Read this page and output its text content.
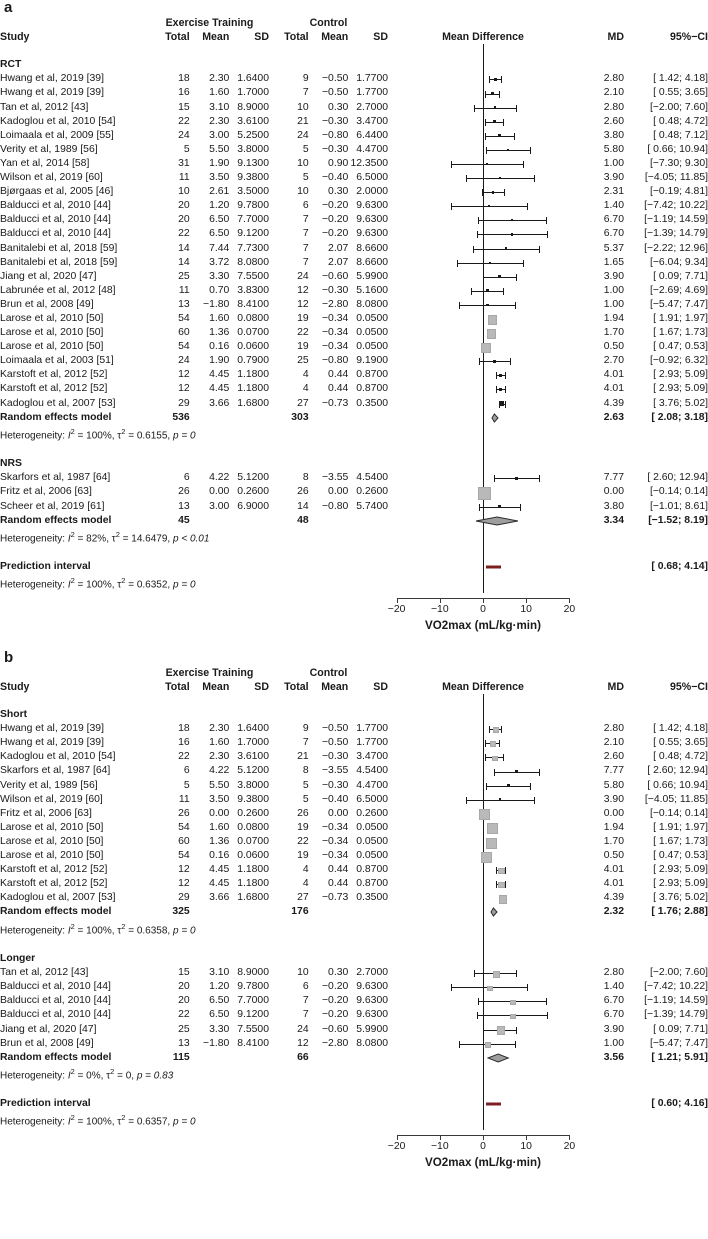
a
	Exercise Training			Control					
Study	Total	Mean	SD	Total	Mean	SD	Mean Difference	MD	95%−CI

RCT							

Hwang et al, 2019 [39]	18	2.30	1.6400	9	−0.50	1.7700		2.80	[ 1.42; 4.18]
Hwang et al, 2019 [39]	16	1.60	1.7000	7	−0.50	1.7700		2.10	[ 0.55; 3.65]
Tan et al, 2012 [43]	15	3.10	8.9000	10	0.30	2.7000		2.80	[−2.00; 7.60]
Kadoglou et al, 2010 [54]	22	2.30	3.6100	21	−0.30	3.4700		2.60	[ 0.48; 4.72]
Loimaala et al, 2009 [55]	24	3.00	5.2500	24	−0.80	6.4400		3.80	[ 0.48; 7.12]
Verity et al, 1989 [56]	5	5.50	3.8000	5	−0.30	4.4700		5.80	[ 0.66; 10.94]
Yan et al, 2014 [58]	31	1.90	9.1300	10	0.90	12.3500		1.00	[−7.30; 9.30]
Wilson et al, 2019 [60]	11	3.50	9.3800	5	−0.40	6.5000		3.90	[−4.05; 11.85]
Bjørgaas et al, 2005 [46]	10	2.61	3.5000	10	0.30	2.0000		2.31	[−0.19; 4.81]
Balducci et al, 2010 [44]	20	1.20	9.7800	6	−0.20	9.6300		1.40	[−7.42; 10.22]
Balducci et al, 2010 [44]	20	6.50	7.7000	7	−0.20	9.6300		6.70	[−1.19; 14.59]
Balducci et al, 2010 [44]	22	6.50	9.1200	7	−0.20	9.6300		6.70	[−1.39; 14.79]
Banitalebi et al, 2018 [59]	14	7.44	7.7300	7	2.07	8.6600		5.37	[−2.22; 12.96]
Banitalebi et al, 2018 [59]	14	3.72	8.0800	7	2.07	8.6600		1.65	[−6.04; 9.34]
Jiang et al, 2020 [47]	25	3.30	7.5500	24	−0.60	5.9900		3.90	[ 0.09; 7.71]
Labrunée et al, 2012 [48]	11	0.70	3.8300	12	−0.30	5.1600		1.00	[−2.69; 4.69]
Brun et al, 2008 [49]	13	−1.80	8.4100	12	−2.80	8.0800		1.00	[−5.47; 7.47]
Larose et al, 2010 [50]	54	1.60	0.0800	19	−0.34	0.0500		1.94	[ 1.91; 1.97]
Larose et al, 2010 [50]	60	1.36	0.0700	22	−0.34	0.0500		1.70	[ 1.67; 1.73]
Larose et al, 2010 [50]	54	0.16	0.0600	19	−0.34	0.0500		0.50	[ 0.47; 0.53]
Loimaala et al, 2003 [51]	24	1.90	0.7900	25	−0.80	9.1900		2.70	[−0.92; 6.32]
Karstoft et al, 2012 [52]	12	4.45	1.1800	4	0.44	0.8700		4.01	[ 2.93; 5.09]
Karstoft et al, 2012 [52]	12	4.45	1.1800	4	0.44	0.8700		4.01	[ 2.93; 5.09]
Kadoglou et al, 2007 [53]	29	3.66	1.6800	27	−0.73	0.3500		4.39	[ 3.76; 5.02]
Random effects model	536			303				2.63	[ 2.08; 3.18]
Heterogeneity: $I^2 = 100\%$, $\tau^2 = 0.6155$, p = 0							

NRS							

Skarfors et al, 1987 [64]	6	4.22	5.1200	8	−3.55	4.5400		7.77	[ 2.60; 12.94]
Fritz et al, 2006 [63]	26	0.00	0.2600	26	0.00	0.2600		0.00	[−0.14; 0.14]
Scheer et al, 2019 [61]	13	3.00	6.9000	14	−0.80	5.7400		3.80	[−1.01; 8.61]
Random effects model	45			48				3.34	[−1.52; 8.19]
Heterogeneity: $I^2 = 82\%$, $\tau^2 = 14.6479$, p < 0.01							

Prediction interval									[ 0.68; 4.14]
Heterogeneity: $I^2 = 100\%$, $\tau^2 = 0.6352$, p = 0							

							−20 −10 0 10 20		

							VO2max (mL/kg·min)		
b
	Exercise Training			Control					
Study	Total	Mean	SD	Total	Mean	SD	Mean Difference	MD	95%−CI

Short							

Hwang et al, 2019 [39]	18	2.30	1.6400	9	−0.50	1.7700		2.80	[ 1.42; 4.18]
Hwang et al, 2019 [39]	16	1.60	1.7000	7	−0.50	1.7700		2.10	[ 0.55; 3.65]
Kadoglou et al, 2010 [54]	22	2.30	3.6100	21	−0.30	3.4700		2.60	[ 0.48; 4.72]
Skarfors et al, 1987 [64]	6	4.22	5.1200	8	−3.55	4.5400		7.77	[ 2.60; 12.94]
Verity et al, 1989 [56]	5	5.50	3.8000	5	−0.30	4.4700		5.80	[ 0.66; 10.94]
Wilson et al, 2019 [60]	11	3.50	9.3800	5	−0.40	6.5000		3.90	[−4.05; 11.85]
Fritz et al, 2006 [63]	26	0.00	0.2600	26	0.00	0.2600		0.00	[−0.14; 0.14]
Larose et al, 2010 [50]	54	1.60	0.0800	19	−0.34	0.0500		1.94	[ 1.91; 1.97]
Larose et al, 2010 [50]	60	1.36	0.0700	22	−0.34	0.0500		1.70	[ 1.67; 1.73]
Larose et al, 2010 [50]	54	0.16	0.0600	19	−0.34	0.0500		0.50	[ 0.47; 0.53]
Karstoft et al, 2012 [52]	12	4.45	1.1800	4	0.44	0.8700		4.01	[ 2.93; 5.09]
Karstoft et al, 2012 [52]	12	4.45	1.1800	4	0.44	0.8700		4.01	[ 2.93; 5.09]
Kadoglou et al, 2007 [53]	29	3.66	1.6800	27	−0.73	0.3500		4.39	[ 3.76; 5.02]
Random effects model	325			176				2.32	[ 1.76; 2.88]
Heterogeneity: $I^2 = 100\%$, $\tau^2 = 0.6358$, p = 0							

Longer							

Tan et al, 2012 [43]	15	3.10	8.9000	10	0.30	2.7000		2.80	[−2.00; 7.60]
Balducci et al, 2010 [44]	20	1.20	9.7800	6	−0.20	9.6300		1.40	[−7.42; 10.22]
Balducci et al, 2010 [44]	20	6.50	7.7000	7	−0.20	9.6300		6.70	[−1.19; 14.59]
Balducci et al, 2010 [44]	22	6.50	9.1200	7	−0.20	9.6300		6.70	[−1.39; 14.79]
Jiang et al, 2020 [47]	25	3.30	7.5500	24	−0.60	5.9900		3.90	[ 0.09; 7.71]
Brun et al, 2008 [49]	13	−1.80	8.4100	12	−2.80	8.0800		1.00	[−5.47; 7.47]
Random effects model	115			66				3.56	[ 1.21; 5.91]
Heterogeneity: $I^2 = 0\%$, $\tau^2 = 0$, p = 0.83							

Prediction interval									[ 0.60; 4.16]
Heterogeneity: $I^2 = 100\%$, $\tau^2 = 0.6357$, p = 0							

							−20 −10 0 10 20		

							VO2max (mL/kg·min)		
